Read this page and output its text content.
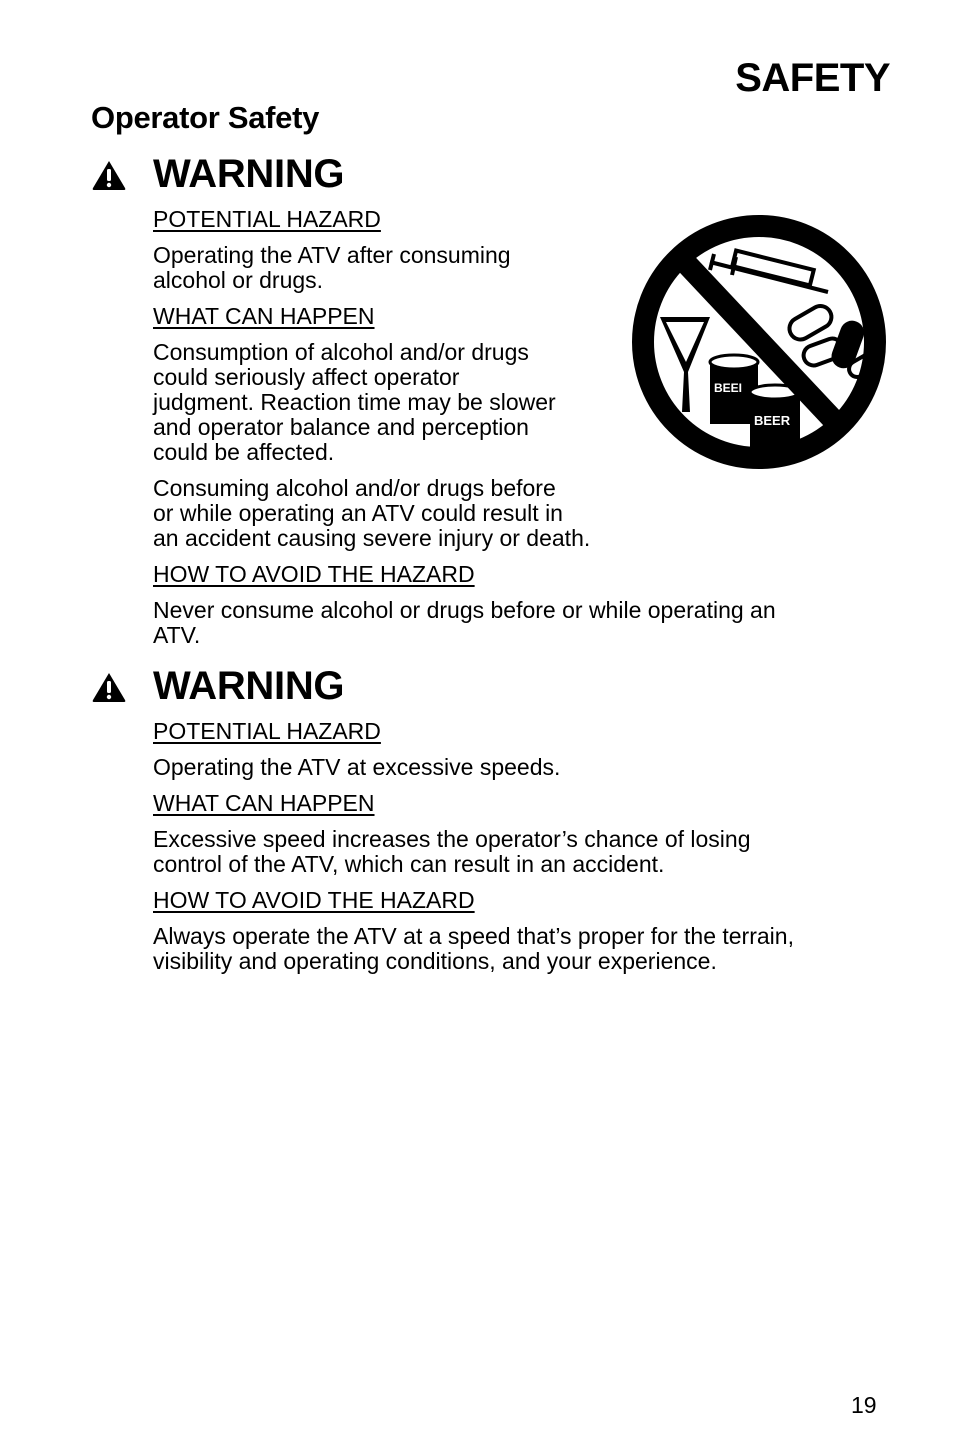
SAFETY
Operator Safety
WARNING

POTENTIAL HAZARD

Operating the ATV after consuming

alcohol or drugs.

WHAT CAN HAPPEN

Consumption of alcohol and/or drugs

could seriously affect operator

judgment. Reaction time may be slower

and operator balance and perception

could be affected.

Consuming alcohol and/or drugs before

or while operating an ATV could result in

an accident causing severe injury or death.

HOW TO AVOID THE HAZARD

Never consume alcohol or drugs before or while operating an

ATV.

BEEI
BEER
WARNING

POTENTIAL HAZARD

Operating the ATV at excessive speeds.

WHAT CAN HAPPEN

Excessive speed increases the operator’s chance of losing

control of the ATV, which can result in an accident.

HOW TO AVOID THE HAZARD

Always operate the ATV at a speed that’s proper for the terrain,

visibility and operating conditions, and your experience.

19
